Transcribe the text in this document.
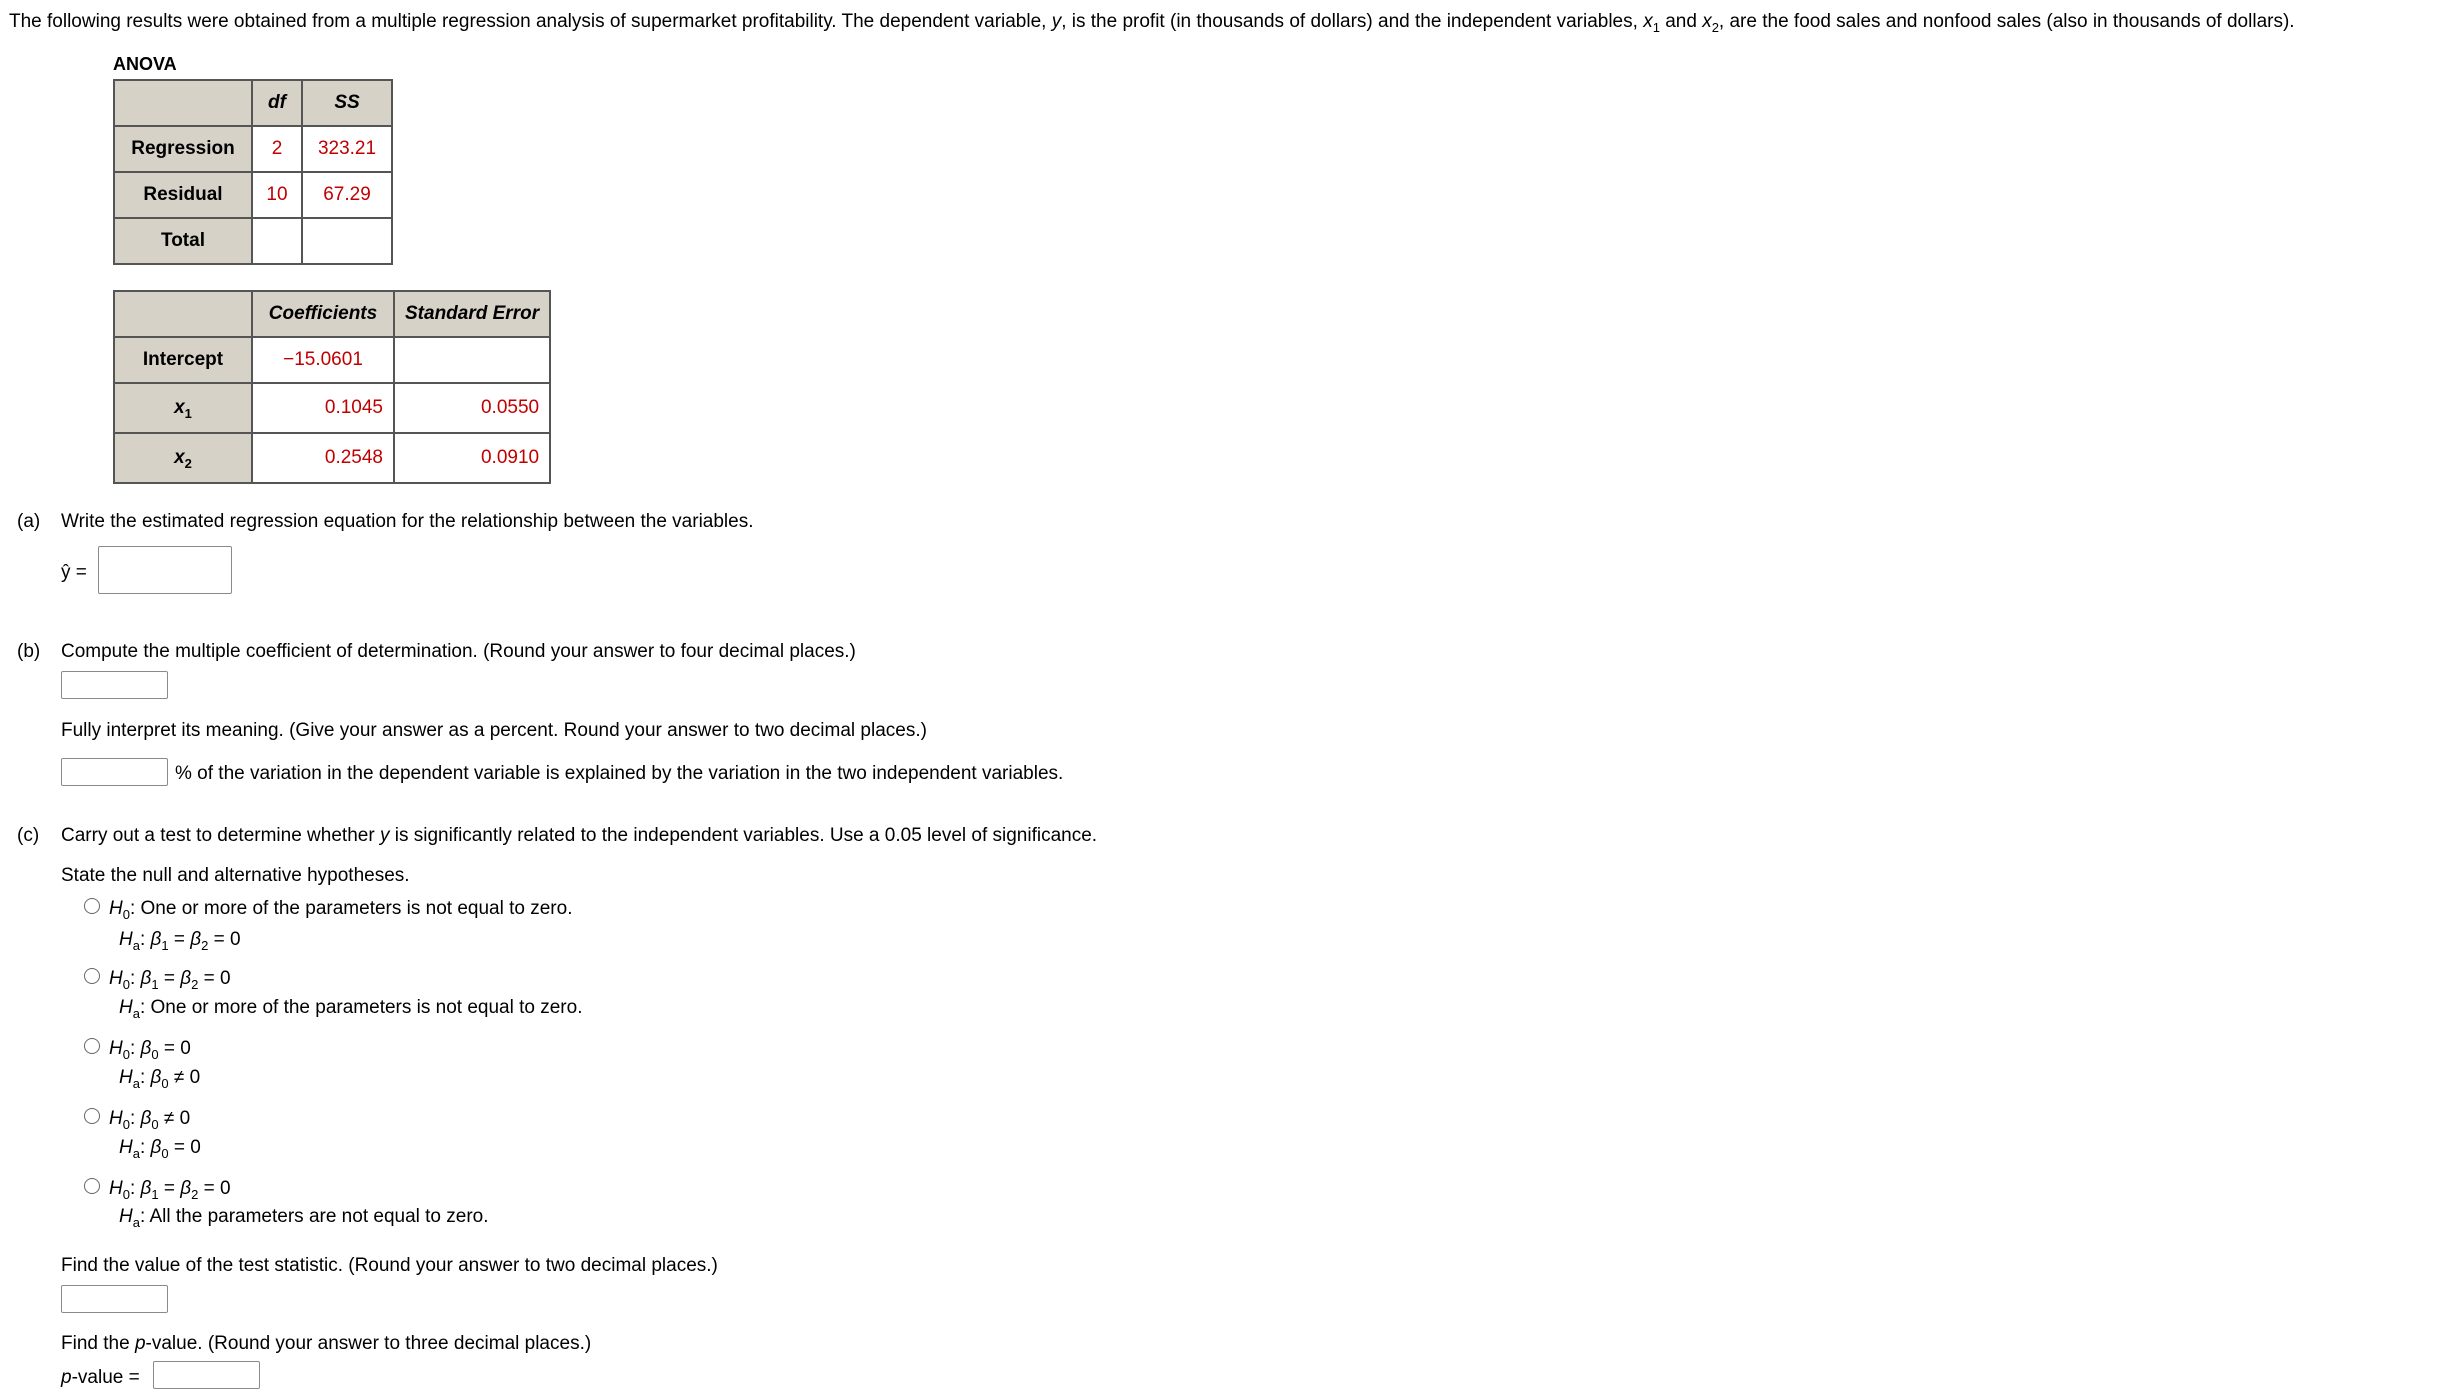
The following results were obtained from a multiple regression analysis of supermarket profitability. The dependent variable, y, is the profit (in thousands of dollars) and the independent variables, $x_1$ and $x_2$, are the food sales and nonfood sales (also in thousands of dollars).
ANOVA
	df	SS
Regression	2	323.21
Residual	10	67.29
Total		
	Coefficients	Standard Error
Intercept	−15.0601	
$x_1$	0.1045	0.0550
$x_2$	0.2548	0.0910
(a) Write the estimated regression equation for the relationship between the variables.
ŷ =
(b) Compute the multiple coefficient of determination. (Round your answer to four decimal places.)
Fully interpret its meaning. (Give your answer as a percent. Round your answer to two decimal places.)
% of the variation in the dependent variable is explained by the variation in the two independent variables.
(c) Carry out a test to determine whether y is significantly related to the independent variables. Use a 0.05 level of significance.
State the null and alternative hypotheses.
$H_0$: One or more of the parameters is not equal to zero.
$H_a$: $\beta_1 = \beta_2 = 0$
$H_0$: $\beta_1 = \beta_2 = 0$
$H_a$: One or more of the parameters is not equal to zero.
$H_0$: $\beta_0 = 0$
$H_a$: $\beta_0 \ne 0$
$H_0$: $\beta_0 \ne 0$
$H_a$: $\beta_0 = 0$
$H_0$: $\beta_1 = \beta_2 = 0$
$H_a$: All the parameters are not equal to zero.
Find the value of the test statistic. (Round your answer to two decimal places.)
Find the p-value. (Round your answer to three decimal places.)
p-value =
